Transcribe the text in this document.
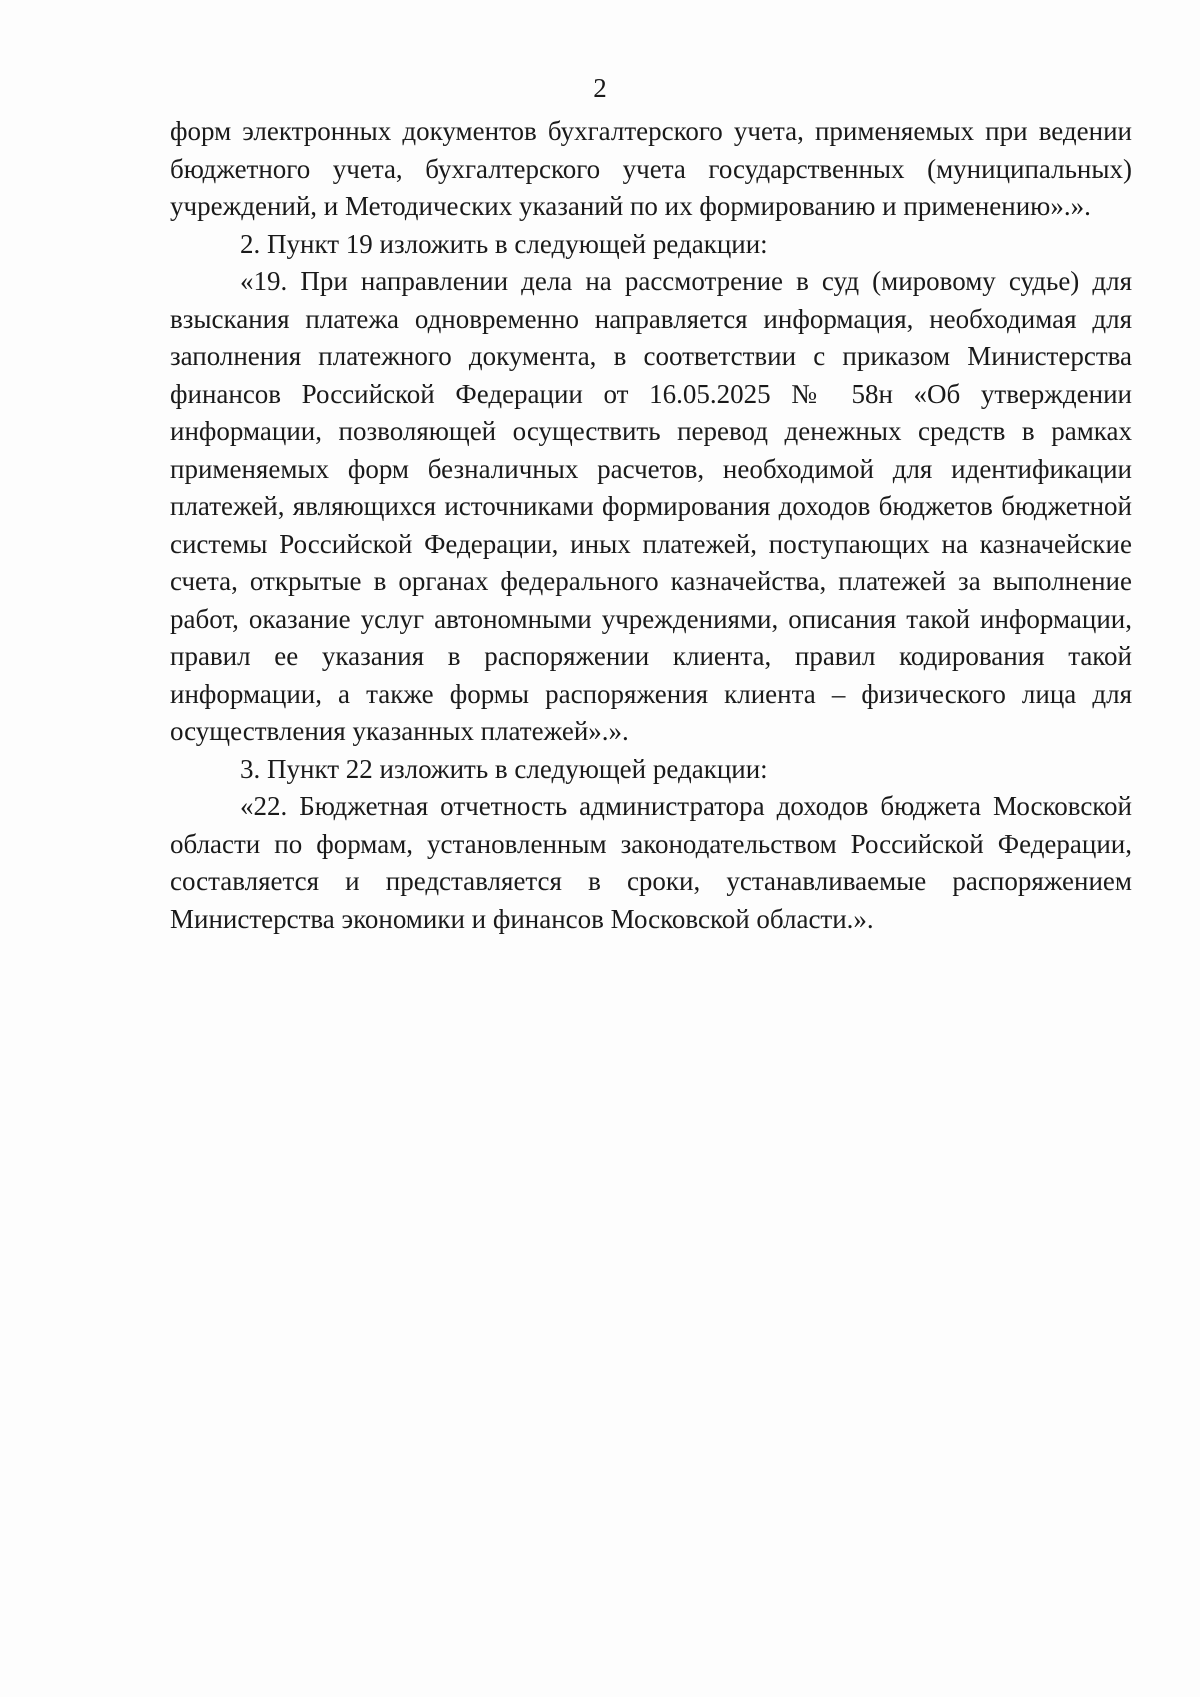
2

форм электронных документов бухгалтерского учета, применяемых при ведении бюджетного учета, бухгалтерского учета государственных (муниципальных) учреждений, и Методических указаний по их формированию и применению».».

2. Пункт 19 изложить в следующей редакции:

«19. При направлении дела на рассмотрение в суд (мировому судье) для взыскания платежа одновременно направляется информация, необходимая для заполнения платежного документа, в соответствии с приказом Министерства финансов Российской Федерации от 16.05.2025 № 58н «Об утверждении информации, позволяющей осуществить перевод денежных средств в рамках применяемых форм безналичных расчетов, необходимой для идентификации платежей, являющихся источниками формирования доходов бюджетов бюджетной системы Российской Федерации, иных платежей, поступающих на казначейские счета, открытые в органах федерального казначейства, платежей за выполнение работ, оказание услуг автономными учреждениями, описания такой информации, правил ее указания в распоряжении клиента, правил кодирования такой информации, а также формы распоряжения клиента – физического лица для осуществления указанных платежей».».

3. Пункт 22 изложить в следующей редакции:

«22. Бюджетная отчетность администратора доходов бюджета Московской области по формам, установленным законодательством Российской Федерации, составляется и представляется в сроки, устанавливаемые распоряжением Министерства экономики и финансов Московской области.».
